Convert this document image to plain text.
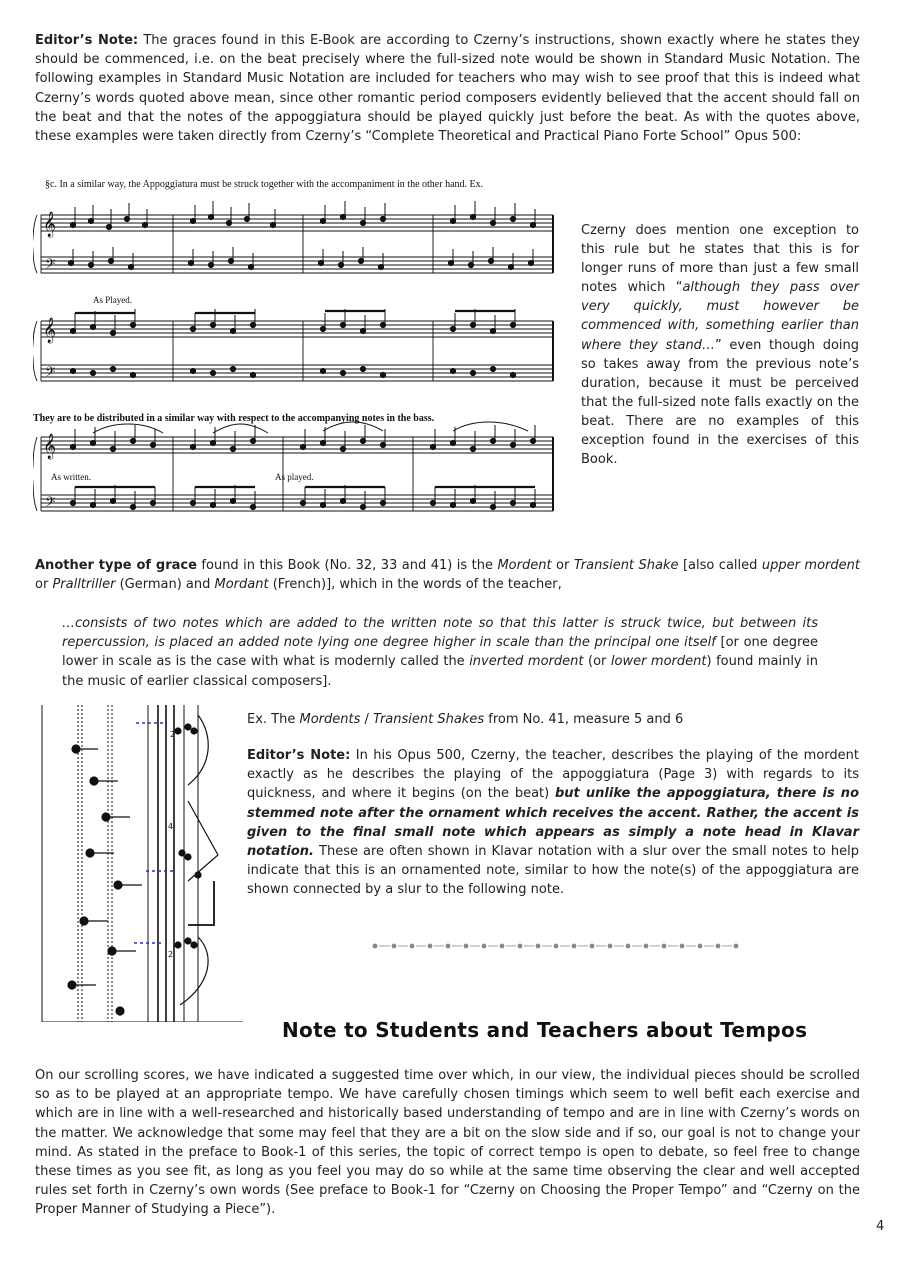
Editor’s Note: The graces found in this E-Book are according to Czerny’s instructions, shown exactly where he states they should be commenced, i.e. on the beat precisely where the full-sized note would be shown in Standard Music Notation. The following examples in Standard Music Notation are included for teachers who may wish to see proof that this is indeed what Czerny’s words quoted above mean, since other romantic period composers evidently believed that the accent should fall on the beat and that the notes of the appoggiatura should be played quickly just before the beat. As with the quotes above, these examples were taken directly from Czerny’s “Complete Theoretical and Practical Piano Forte School” Opus 500:
§c. In a similar way, the Appoggiatura must be struck together with the accompaniment in the other hand. Ex.
As Played.
They are to be distributed in a similar way with respect to the accompanying notes in the bass.
As written.	As played.
𝄞
𝄞
𝄞
𝄢
𝄢
𝄢
Czerny does mention one exception to this rule but he states that this is for longer runs of more than just a few small notes which “although they pass over very quickly, must however be commenced with, something earlier than where they stand…” even though doing so takes away from the previous note’s duration, because it must be perceived that the full-sized note falls exactly on the beat. There are no examples of this exception found in the exercises of this Book.
Another type of grace found in this Book (No. 32, 33 and 41) is the Mordent or Transient Shake [also called upper mordent or Pralltriller (German) and Mordant (French)], which in the words of the teacher,
…consists of two notes which are added to the written note so that this latter is struck twice, but between its repercussion, is placed an added note lying one degree higher in scale than the principal one itself [or one degree lower in scale as is the case with what is modernly called the inverted mordent (or lower mordent) found mainly in the music of earlier classical composers].
2
4
2
Ex. The Mordents / Transient Shakes from No. 41, measure 5 and 6
Editor’s Note: In his Opus 500, Czerny, the teacher, describes the playing of the mordent exactly as he describes the playing of the appoggiatura (Page 3) with regards to its quickness, and where it begins (on the beat) but unlike the appoggiatura, there is no stemmed note after the ornament which receives the accent. Rather, the accent is given to the final small note which appears as simply a note head in Klavar notation. These are often shown in Klavar notation with a slur over the small notes to help indicate that this is an ornamented note, similar to how the note(s) of the appoggiatura are shown connected by a slur to the following note.
Note to Students and Teachers about Tempos
On our scrolling scores, we have indicated a suggested time over which, in our view, the individual pieces should be scrolled so as to be played at an appropriate tempo. We have carefully chosen timings which seem to well befit each exercise and which are in line with a well-researched and historically based understanding of tempo and are in line with Czerny’s words on the matter. We acknowledge that some may feel that they are a bit on the slow side and if so, our goal is not to change your mind. As stated in the preface to Book-1 of this series, the topic of correct tempo is open to debate, so feel free to change these times as you see fit, as long as you feel you may do so while at the same time observing the clear and well accepted rules set forth in Czerny’s own words (See preface to Book-1 for “Czerny on Choosing the Proper Tempo” and “Czerny on the Proper Manner of Studying a Piece”).
4
